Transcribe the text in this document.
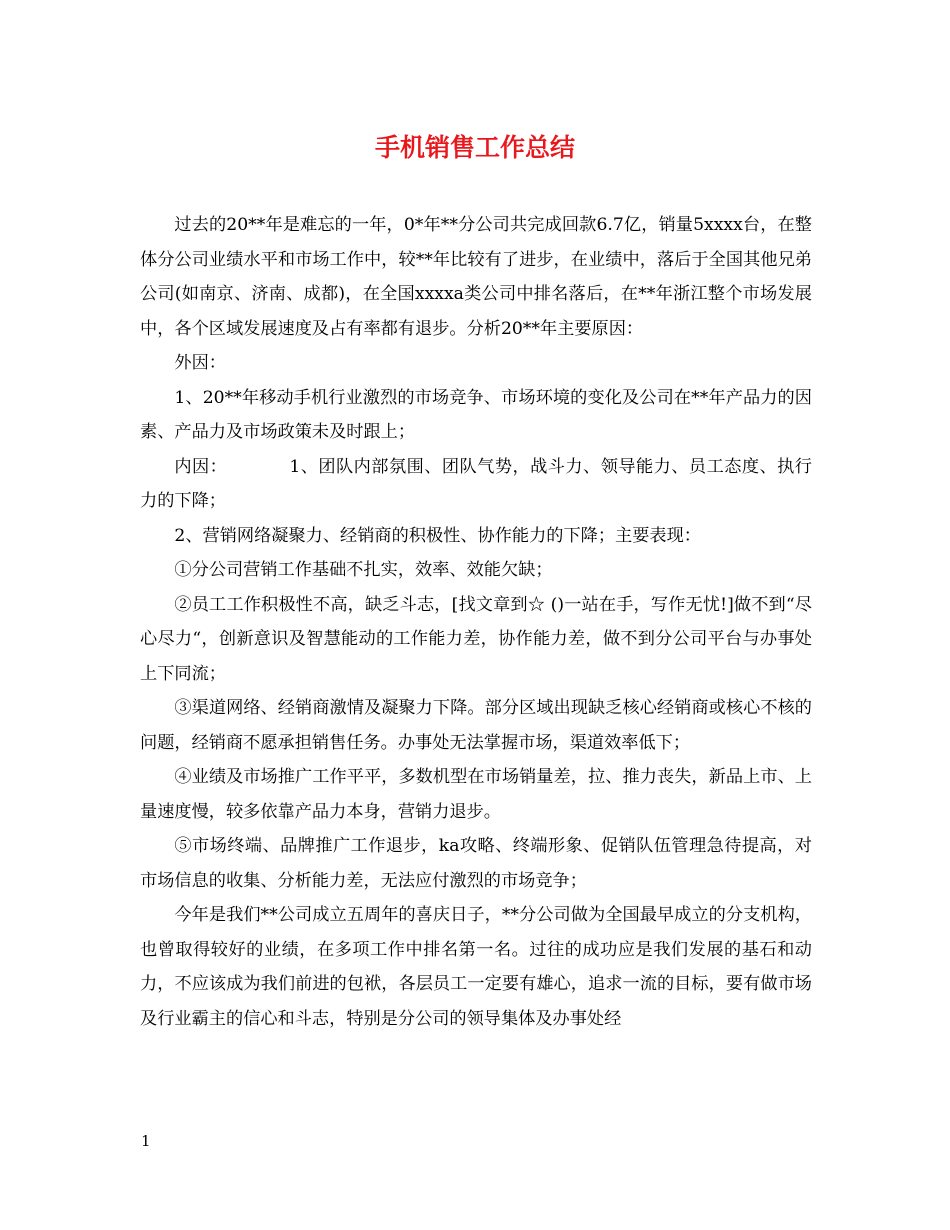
手机销售工作总结

过去的20**年是难忘的一年，0*年**分公司共完成回款6.7亿，销量5xxxx台，在整体分公司业绩水平和市场工作中，较**年比较有了进步，在业绩中，落后于全国其他兄弟公司(如南京、济南、成都)，在全国xxxxa类公司中排名落后，在**年浙江整个市场发展中，各个区域发展速度及占有率都有退步。分析20**年主要原因：

外因：

1、20**年移动手机行业激烈的市场竞争、市场环境的变化及公司在**年产品力的因素、产品力及市场政策未及时跟上；

内因：　　　　1、团队内部氛围、团队气势，战斗力、领导能力、员工态度、执行力的下降；

2、营销网络凝聚力、经销商的积极性、协作能力的下降；主要表现：

①分公司营销工作基础不扎实，效率、效能欠缺；

②员工工作积极性不高，缺乏斗志，[找文章到☆ ()一站在手，写作无忧!]做不到“尽心尽力“，创新意识及智慧能动的工作能力差，协作能力差，做不到分公司平台与办事处上下同流；

③渠道网络、经销商激情及凝聚力下降。部分区域出现缺乏核心经销商或核心不核的问题，经销商不愿承担销售任务。办事处无法掌握市场，渠道效率低下；

④业绩及市场推广工作平平，多数机型在市场销量差，拉、推力丧失，新品上市、上量速度慢，较多依靠产品力本身，营销力退步。

⑤市场终端、品牌推广工作退步，ka攻略、终端形象、促销队伍管理急待提高，对市场信息的收集、分析能力差，无法应付激烈的市场竞争；

今年是我们**公司成立五周年的喜庆日子，**分公司做为全国最早成立的分支机构，也曾取得较好的业绩，在多项工作中排名第一名。过往的成功应是我们发展的基石和动力，不应该成为我们前进的包袱，各层员工一定要有雄心，追求一流的目标，要有做市场及行业霸主的信心和斗志，特别是分公司的领导集体及办事处经

1
